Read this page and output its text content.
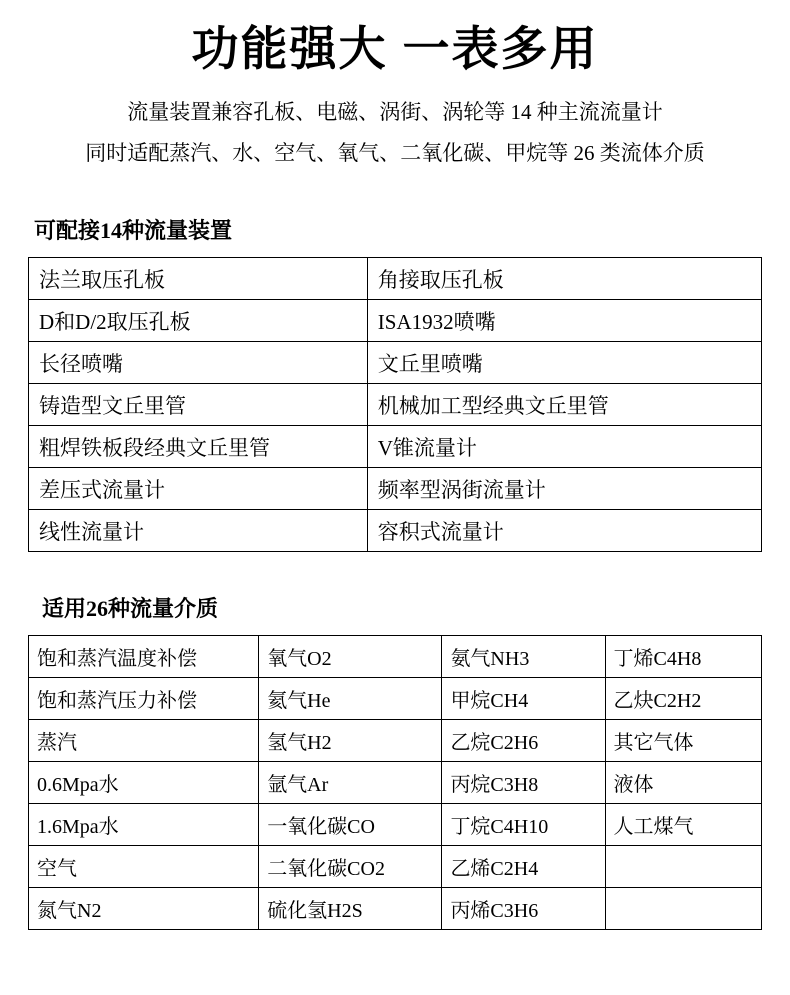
功能强大 一表多用
流量装置兼容孔板、电磁、涡街、涡轮等 14 种主流流量计
同时适配蒸汽、水、空气、氧气、二氧化碳、甲烷等 26 类流体介质
可配接14种流量装置
法兰取压孔板	角接取压孔板
D和D/2取压孔板	ISA1932喷嘴
长径喷嘴	文丘里喷嘴
铸造型文丘里管	机械加工型经典文丘里管
粗焊铁板段经典文丘里管	V锥流量计
差压式流量计	频率型涡街流量计
线性流量计	容积式流量计
适用26种流量介质
饱和蒸汽温度补偿	氧气O2	氨气NH3	丁烯C4H8
饱和蒸汽压力补偿	氦气He	甲烷CH4	乙炔C2H2
蒸汽	氢气H2	乙烷C2H6	其它气体
0.6Mpa水	氩气Ar	丙烷C3H8	液体
1.6Mpa水	一氧化碳CO	丁烷C4H10	人工煤气
空气	二氧化碳CO2	乙烯C2H4	
氮气N2	硫化氢H2S	丙烯C3H6	
